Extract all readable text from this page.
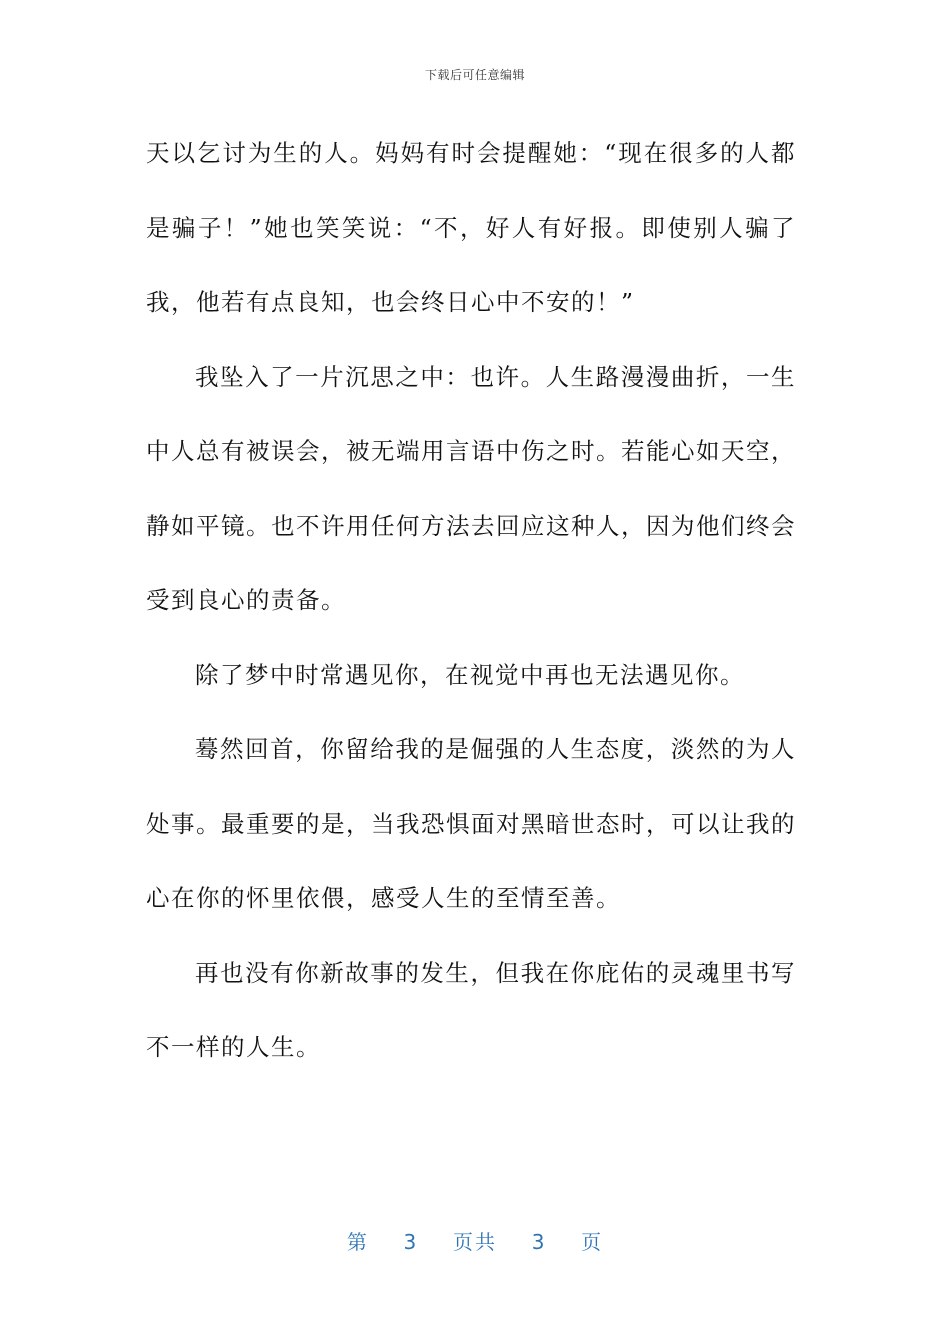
下载后可任意编辑

天以乞讨为生的人。妈妈有时会提醒她：“现在很多的人都是骗子！”她也笑笑说：“不，好人有好报。即使别人骗了我，他若有点良知，也会终日心中不安的！”

我坠入了一片沉思之中：也许。人生路漫漫曲折，一生中人总有被误会，被无端用言语中伤之时。若能心如天空，静如平镜。也不许用任何方法去回应这种人，因为他们终会受到良心的责备。

除了梦中时常遇见你，在视觉中再也无法遇见你。

蓦然回首，你留给我的是倔强的人生态度，淡然的为人处事。最重要的是，当我恐惧面对黑暗世态时，可以让我的心在你的怀里依偎，感受人生的至情至善。

再也没有你新故事的发生，但我在你庇佑的灵魂里书写不一样的人生。

第 3 页共 3 页
